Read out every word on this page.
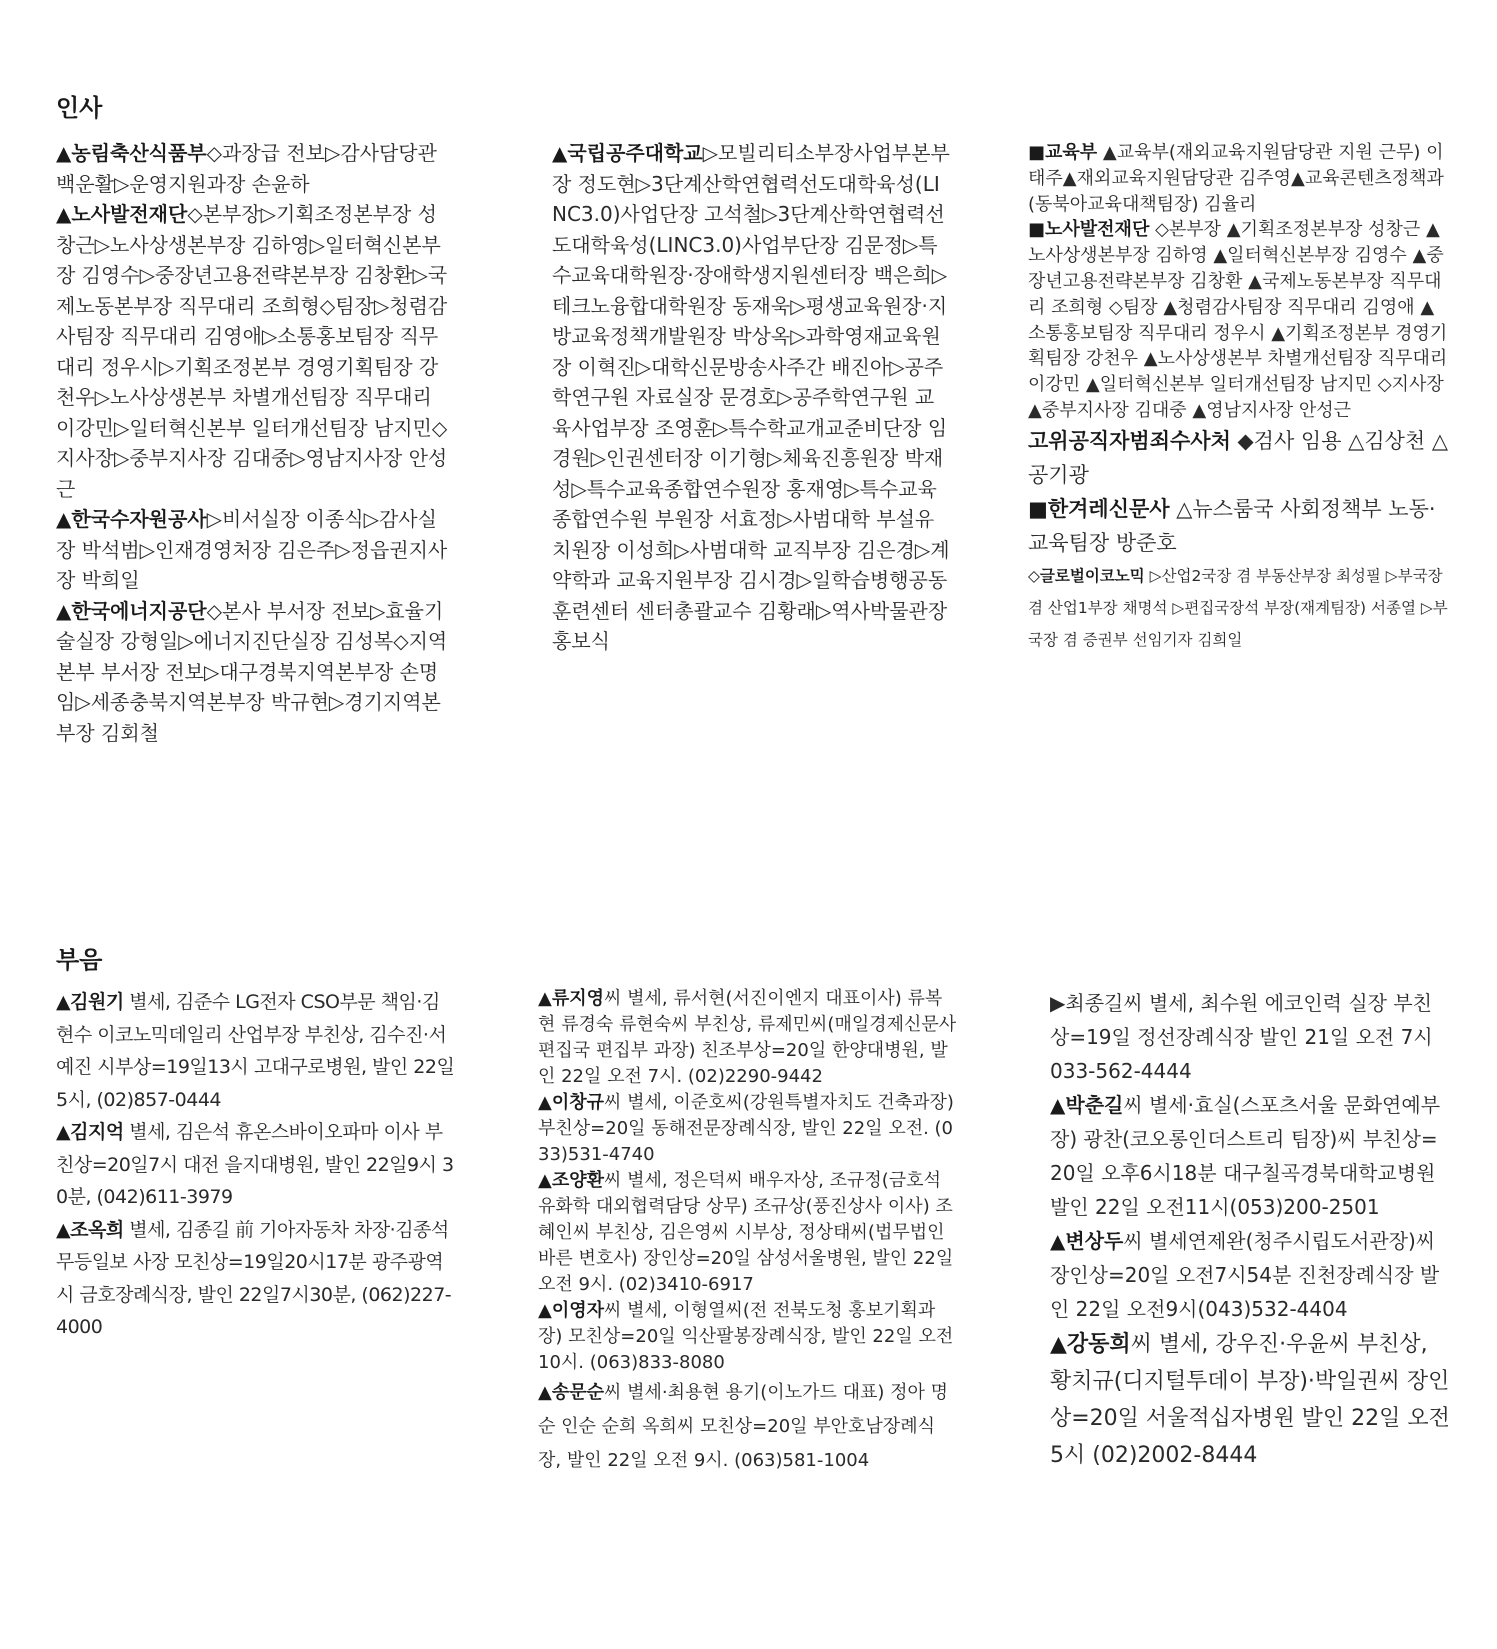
인사

▲농림축산식품부◇과장급 전보▷감사담당관 백운활▷운영지원과장 손윤하

▲노사발전재단◇본부장▷기획조정본부장 성창근▷노사상생본부장 김하영▷일터혁신본부장 김영수▷중장년고용전략본부장 김창환▷국제노동본부장 직무대리 조희형◇팀장▷청렴감사팀장 직무대리 김영애▷소통홍보팀장 직무대리 정우시▷기획조정본부 경영기획팀장 강천우▷노사상생본부 차별개선팀장 직무대리 이강민▷일터혁신본부 일터개선팀장 남지민◇지사장▷중부지사장 김대중▷영남지사장 안성근

▲한국수자원공사▷비서실장 이종식▷감사실장 박석범▷인재경영처장 김은주▷정읍권지사장 박희일

▲한국에너지공단◇본사 부서장 전보▷효율기술실장 강형일▷에너지진단실장 김성복◇지역본부 부서장 전보▷대구경북지역본부장 손명임▷세종충북지역본부장 박규현▷경기지역본부장 김회철

▲국립공주대학교▷모빌리티소부장사업부본부장 정도현▷3단계산학연협력선도대학육성(LINC3.0)사업단장 고석철▷3단계산학연협력선도대학육성(LINC3.0)사업부단장 김문정▷특수교육대학원장·장애학생지원센터장 백은희▷테크노융합대학원장 동재욱▷평생교육원장·지방교육정책개발원장 박상옥▷과학영재교육원장 이혁진▷대학신문방송사주간 배진아▷공주학연구원 자료실장 문경호▷공주학연구원 교육사업부장 조영훈▷특수학교개교준비단장 임경원▷인권센터장 이기형▷체육진흥원장 박재성▷특수교육종합연수원장 홍재영▷특수교육종합연수원 부원장 서효정▷사범대학 부설유치원장 이성희▷사범대학 교직부장 김은경▷계약학과 교육지원부장 김시경▷일학습병행공동훈련센터 센터총괄교수 김황래▷역사박물관장 홍보식

■교육부 ▲교육부(재외교육지원담당관 지원 근무) 이태주▲재외교육지원담당관 김주영▲교육콘텐츠정책과(동북아교육대책팀장) 김율리

■노사발전재단 ◇본부장 ▲기획조정본부장 성창근 ▲노사상생본부장 김하영 ▲일터혁신본부장 김영수 ▲중장년고용전략본부장 김창환 ▲국제노동본부장 직무대리 조희형 ◇팀장 ▲청렴감사팀장 직무대리 김영애 ▲소통홍보팀장 직무대리 정우시 ▲기획조정본부 경영기획팀장 강천우 ▲노사상생본부 차별개선팀장 직무대리 이강민 ▲일터혁신본부 일터개선팀장 남지민 ◇지사장 ▲중부지사장 김대중 ▲영남지사장 안성근

고위공직자범죄수사처 ◆검사 임용 △김상천 △공기광

■한겨레신문사 △뉴스룸국 사회정책부 노동·교육팀장 방준호

◇글로벌이코노믹 ▷산업2국장 겸 부동산부장 최성필 ▷부국장 겸 산업1부장 채명석 ▷편집국장석 부장(재계팀장) 서종열 ▷부국장 겸 증권부 선임기자 김희일

부음

▲김원기 별세, 김준수 LG전자 CSO부문 책임·김현수 이코노믹데일리 산업부장 부친상, 김수진·서예진 시부상=19일13시 고대구로병원, 발인 22일5시, (02)857-0444

▲김지억 별세, 김은석 휴온스바이오파마 이사 부친상=20일7시 대전 을지대병원, 발인 22일9시 30분, (042)611-3979

▲조옥희 별세, 김종길 前 기아자동차 차장·김종석 무등일보 사장 모친상=19일20시17분 광주광역시 금호장례식장, 발인 22일7시30분, (062)227-4000

▲류지영씨 별세, 류서현(서진이엔지 대표이사) 류복현 류경숙 류현숙씨 부친상, 류제민씨(매일경제신문사 편집국 편집부 과장) 친조부상=20일 한양대병원, 발인 22일 오전 7시. (02)2290-9442

▲이창규씨 별세, 이준호씨(강원특별자치도 건축과장) 부친상=20일 동해전문장례식장, 발인 22일 오전. (033)531-4740

▲조양환씨 별세, 정은덕씨 배우자상, 조규정(금호석유화학 대외협력담당 상무) 조규상(풍진상사 이사) 조혜인씨 부친상, 김은영씨 시부상, 정상태씨(법무법인 바른 변호사) 장인상=20일 삼성서울병원, 발인 22일 오전 9시. (02)3410-6917

▲이영자씨 별세, 이형열씨(전 전북도청 홍보기획과장) 모친상=20일 익산팔봉장례식장, 발인 22일 오전 10시. (063)833-8080

▲송문순씨 별세·최용현 용기(이노가드 대표) 정아 명순 인순 순희 옥희씨 모친상=20일 부안호남장례식장, 발인 22일 오전 9시. (063)581-1004

▶최종길씨 별세, 최수원 에코인력 실장 부친상=19일 정선장례식장 발인 21일 오전 7시 033-562-4444

▲박춘길씨 별세·효실(스포츠서울 문화연예부장) 광찬(코오롱인더스트리 팀장)씨 부친상=20일 오후6시18분 대구칠곡경북대학교병원 발인 22일 오전11시(053)200-2501

▲변상두씨 별세연제완(청주시립도서관장)씨 장인상=20일 오전7시54분 진천장례식장 발인 22일 오전9시(043)532-4404

▲강동희씨 별세, 강우진·우윤씨 부친상, 황치규(디지털투데이 부장)·박일권씨 장인상=20일 서울적십자병원 발인 22일 오전 5시 (02)2002-8444
